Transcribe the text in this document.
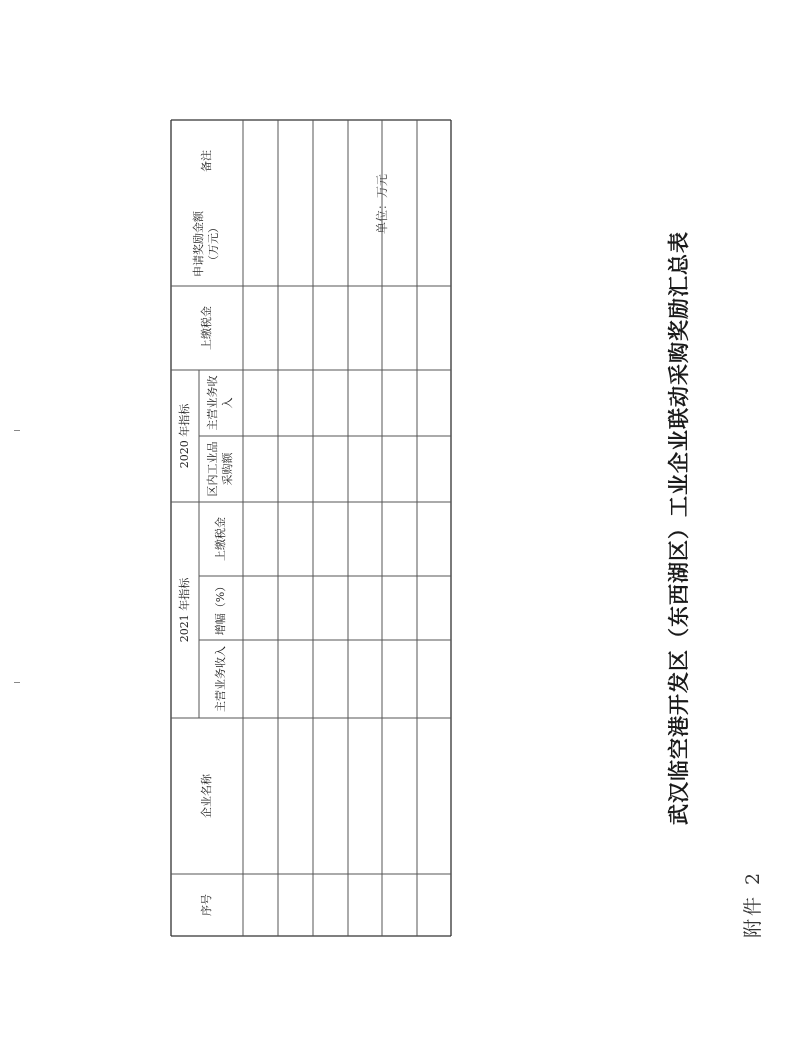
附件 2
武汉临空港开发区（东西湖区）工业企业联动采购奖励汇总表
单位：万元
序号
企业名称
2021 年指标
主营业务收入
增幅（%）
上缴税金
2020 年指标
区内工业品采购额
主营业务收入
上缴税金
申请奖励金额（万元）
备注
